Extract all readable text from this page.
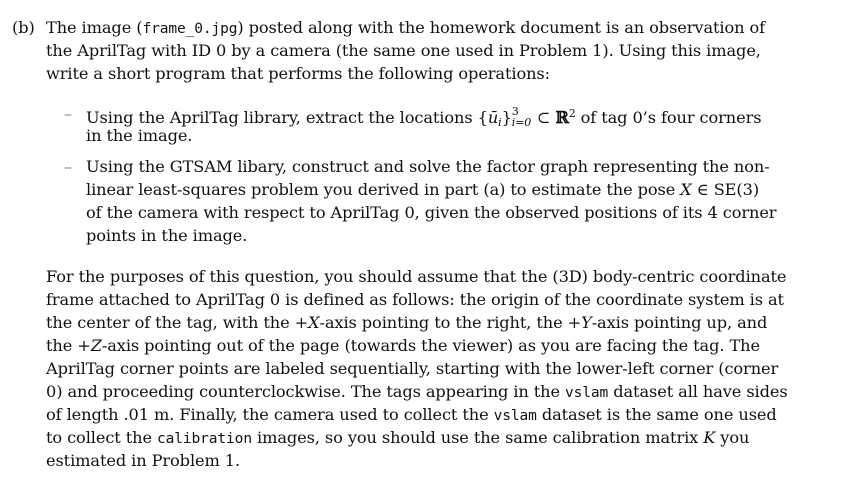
(b) The image (frame_0.jpg) posted along with the homework document is an observation of
the AprilTag with ID 0 by a camera (the same one used in Problem 1). Using this image,
write a short program that performs the following operations:
– Using the AprilTag library, extract the locations $\{ū_i\}$ 3
i=0 ⊂ ℝ$^2$ of tag 0’s four corners
in the image.
– Using the GTSAM libary, construct and solve the factor graph representing the non-
linear least-squares problem you derived in part (a) to estimate the pose X ∈ SE(3)
of the camera with respect to AprilTag 0, given the observed positions of its 4 corner
points in the image.
For the purposes of this question, you should assume that the (3D) body-centric coordinate
frame attached to AprilTag 0 is defined as follows: the origin of the coordinate system is at
the center of the tag, with the +X-axis pointing to the right, the +Y-axis pointing up, and
the +Z-axis pointing out of the page (towards the viewer) as you are facing the tag. The
AprilTag corner points are labeled sequentially, starting with the lower-left corner (corner
0) and proceeding counterclockwise. The tags appearing in the vslam dataset all have sides
of length .01 m. Finally, the camera used to collect the vslam dataset is the same one used
to collect the calibration images, so you should use the same calibration matrix K you
estimated in Problem 1.
